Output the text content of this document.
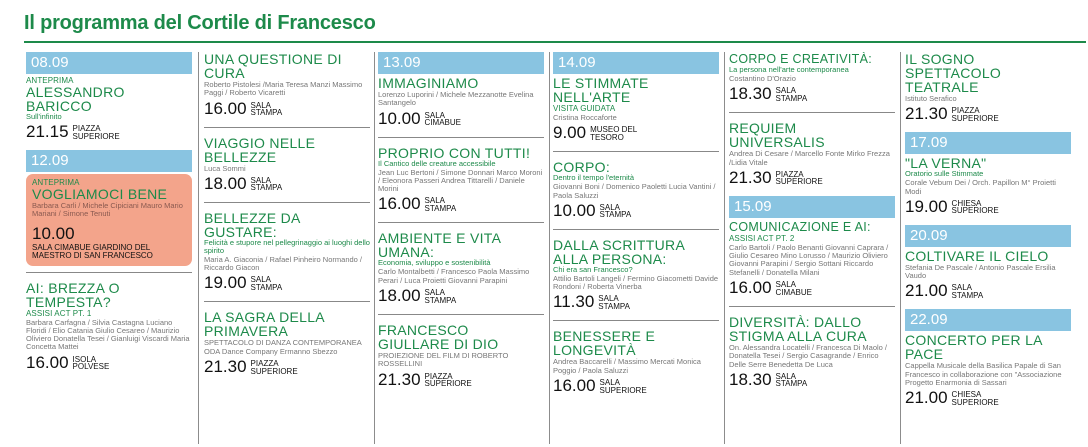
Il programma del Cortile di Francesco
08.09
ANTEPRIMA
ALESSANDRO BARICCO
Sull'infinito
21.15 PIAZZA SUPERIORE
12.09
ANTEPRIMA
VOGLIAMOCI BENE
Barbara Carli / Michele Cipiciani Mauro Mario Mariani / Simone Tenuti
10.00
SALA CIMABUE GIARDINO DEL MAESTRO DI SAN FRANCESCO
AI: BREZZA O TEMPESTA?
ASSISI ACT PT. 1
Barbara Carfagna / Silvia Castagna Luciano Floridi / Elio Catania Giulio Cesareo / Maurizio Oliviero Donatella Tesei / Gianluigi Viscardi Maria Concetta Mattei
16.00 ISOLA POLVESE
UNA QUESTIONE DI CURA
Roberto Pistolesi /Maria Teresa Manzi Massimo Paggi / Roberto Vicaretti
16.00 SALA STAMPA
VIAGGIO NELLE BELLEZZE
Luca Sommi
18.00 SALA STAMPA
BELLEZZE DA GUSTARE:
Felicità e stupore nel pellegrinaggio ai luoghi dello spirito
Maria A. Giaconia / Rafael Pinheiro Normando / Riccardo Giacon
19.00 SALA STAMPA
LA SAGRA DELLA PRIMAVERA
SPETTACOLO DI DANZA CONTEMPORANEA ODA Dance Company Ermanno Sbezzo
21.30 PIAZZA SUPERIORE
13.09
IMMAGINIAMO
Lorenzo Luporini / Michele Mezzanotte Evelina Santangelo
10.00 SALA CIMABUE
PROPRIO CON TUTTI!
Il Cantico delle creature accessibile
Jean Luc Bertoni / Simone Donnari Marco Moroni / Eleonora Passeri Andrea Tittarelli / Daniele Morini
16.00 SALA STAMPA
AMBIENTE E VITA UMANA:
Economia, sviluppo e sostenibilità
Carlo Montalbetti / Francesco Paola Massimo Perari / Luca Proietti Giovanni Parapini
18.00 SALA STAMPA
FRANCESCO GIULLARE DI DIO
PROIEZIONE DEL FILM DI ROBERTO ROSSELLINI
21.30 PIAZZA SUPERIORE
14.09
LE STIMMATE NELL'ARTE
VISITA GUIDATA
Cristina Roccaforte
9.00 MUSEO DEL TESORO
CORPO:
Dentro il tempo l'eternità
Giovanni Boni / Domenico Paoletti Lucia Vantini / Paola Saluzzi
10.00 SALA STAMPA
DALLA SCRITTURA ALLA PERSONA:
Chi era san Francesco?
Attilio Bartoli Langeli / Fermino Giacometti Davide Rondoni / Roberta Vinerba
11.30 SALA STAMPA
BENESSERE E LONGEVITÀ
Andrea Baccarelli / Massimo Mercati Monica Poggio / Paola Saluzzi
16.00 SALA SUPERIORE
CORPO E CREATIVITÀ:
La persona nell'arte contemporanea
Costantino D'Orazio
18.30 SALA STAMPA
REQUIEM UNIVERSALIS
Andrea Di Cesare / Marcello Fonte Mirko Frezza /Lidia Vitale
21.30 PIAZZA SUPERIORE
15.09
COMUNICAZIONE E AI:
ASSISI ACT PT. 2
Carlo Bartoli / Paolo Benanti Giovanni Caprara / Giulio Cesareo Mino Lorusso / Maurizio Oliviero Giovanni Parapini / Sergio Sottani Riccardo Stefanelli / Donatella Milani
16.00 SALA CIMABUE
DIVERSITÀ: DALLO STIGMA ALLA CURA
On. Alessandra Locatelli / Francesca Di Maolo / Donatella Tesei / Sergio Casagrande / Enrico Delle Serre Benedetta De Luca
18.30 SALA STAMPA
IL SOGNO SPETTACOLO TEATRALE
Istituto Serafico
21.30 PIAZZA SUPERIORE
17.09
"LA VERNA"
Oratorio sulle Stimmate
Corale Vebum Dei / Orch. Papillon M° Proietti Modi
19.00 CHIESA SUPERIORE
20.09
COLTIVARE IL CIELO
Stefania De Pascale / Antonio Pascale Ersilia Vaudo
21.00 SALA STAMPA
22.09
CONCERTO PER LA PACE
Cappella Musicale della Basilica Papale di San Francesco in collaborazione con "Associazione Progetto Enarmonia di Sassari
21.00 CHIESA SUPERIORE
